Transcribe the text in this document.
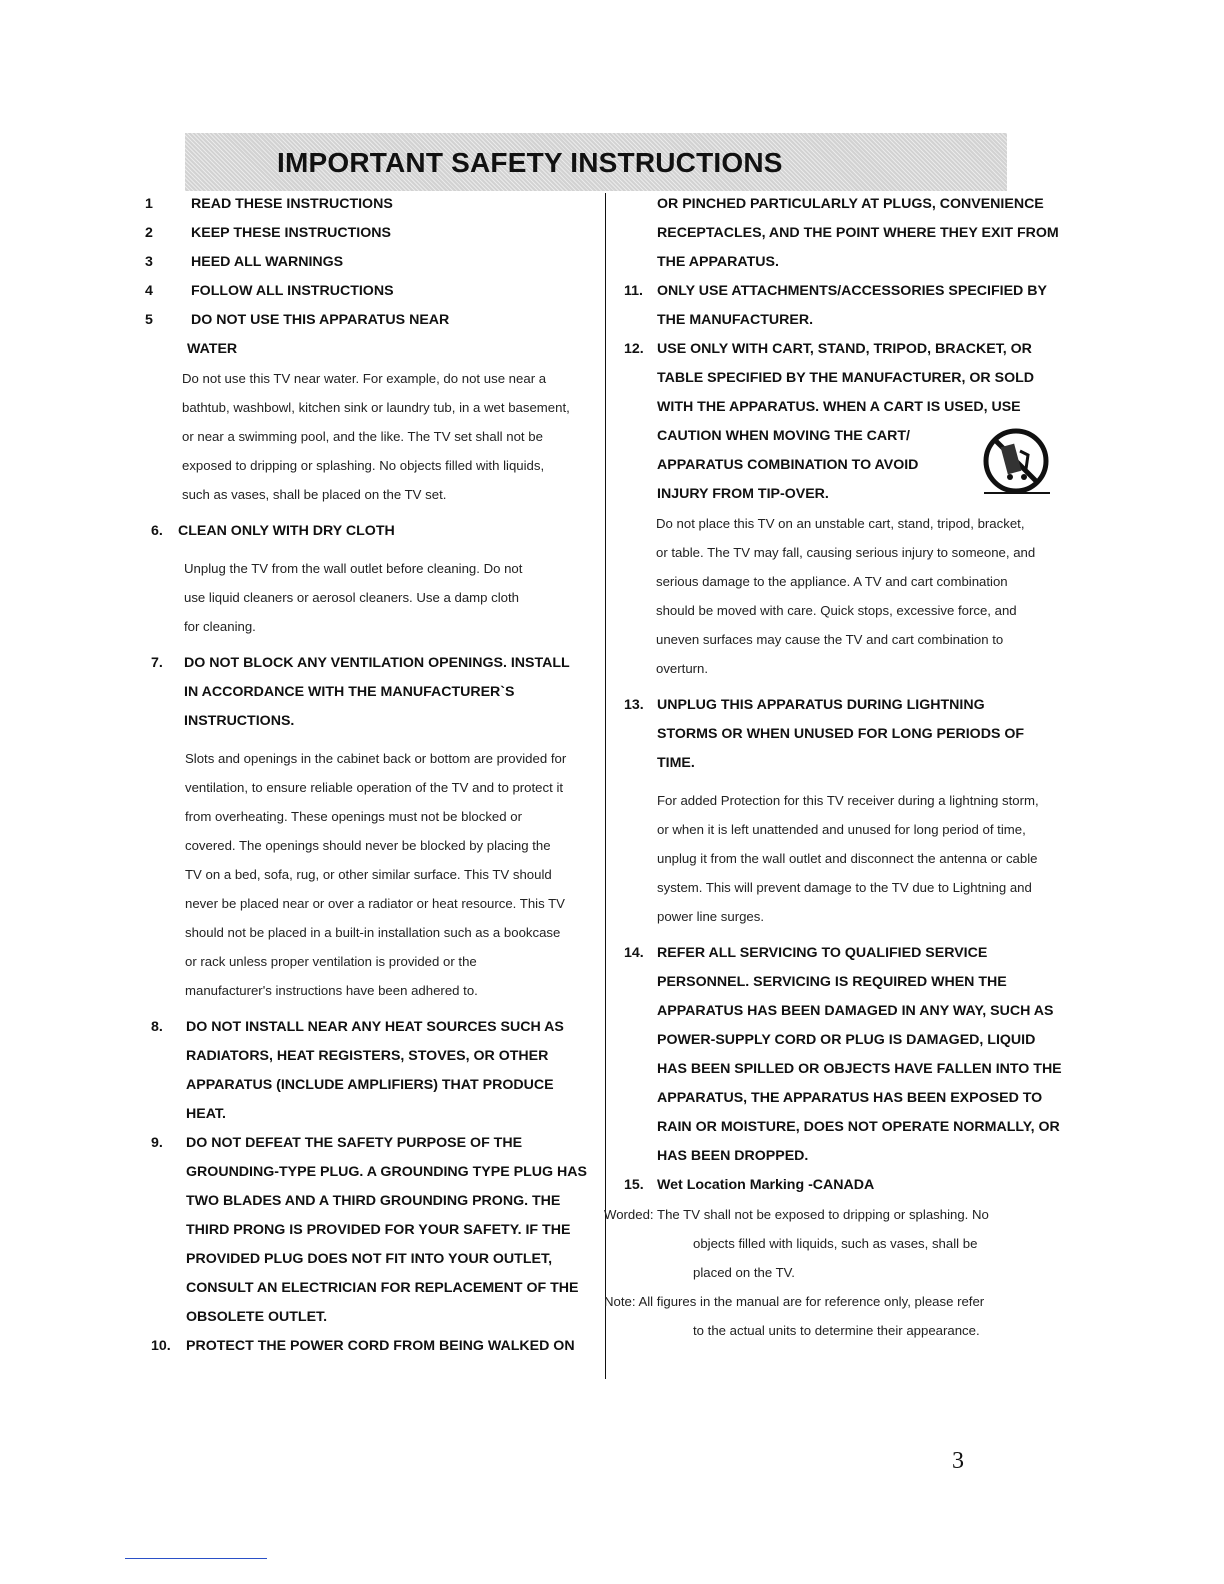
IMPORTANT SAFETY INSTRUCTIONS
1	READ THESE INSTRUCTIONS
2	KEEP THESE INSTRUCTIONS
3	HEED ALL WARNINGS
4	FOLLOW ALL INSTRUCTIONS
5	DO NOT USE THIS APPARATUS NEAR
WATER
Do not use this TV near water. For example, do not use near a
bathtub, washbowl, kitchen sink or laundry tub, in a wet basement,
or near a swimming pool, and the like. The TV set shall not be
exposed to dripping or splashing. No objects filled with liquids,
such as vases, shall be placed on the TV set.
6. CLEAN ONLY WITH DRY CLOTH
Unplug the TV from the wall outlet before cleaning. Do not
use liquid cleaners or aerosol cleaners. Use a damp cloth
for cleaning.
7. DO NOT BLOCK ANY VENTILATION OPENINGS. INSTALL
IN ACCORDANCE WITH THE MANUFACTURER`S
INSTRUCTIONS.
Slots and openings in the cabinet back or bottom are provided for
ventilation, to ensure reliable operation of the TV and to protect it
from overheating. These openings must not be blocked or
covered. The openings should never be blocked by placing the
TV on a bed, sofa, rug, or other similar surface. This TV should
never be placed near or over a radiator or heat resource. This TV
should not be placed in a built-in installation such as a bookcase
or rack unless proper ventilation is provided or the
manufacturer's instructions have been adhered to.
8. DO NOT INSTALL NEAR ANY HEAT SOURCES SUCH AS
RADIATORS, HEAT REGISTERS, STOVES, OR OTHER
APPARATUS (INCLUDE AMPLIFIERS) THAT PRODUCE
HEAT.
9. DO NOT DEFEAT THE SAFETY PURPOSE OF THE
GROUNDING-TYPE PLUG. A GROUNDING TYPE PLUG HAS
TWO BLADES AND A THIRD GROUNDING PRONG. THE
THIRD PRONG IS PROVIDED FOR YOUR SAFETY. IF THE
PROVIDED PLUG DOES NOT FIT INTO YOUR OUTLET,
CONSULT AN ELECTRICIAN FOR REPLACEMENT OF THE
OBSOLETE OUTLET.
10. PROTECT THE POWER CORD FROM BEING WALKED ON
OR PINCHED PARTICULARLY AT PLUGS, CONVENIENCE
RECEPTACLES, AND THE POINT WHERE THEY EXIT FROM
THE APPARATUS.
11. ONLY USE ATTACHMENTS/ACCESSORIES SPECIFIED BY
THE MANUFACTURER.
12. USE ONLY WITH CART, STAND, TRIPOD, BRACKET, OR
TABLE SPECIFIED BY THE MANUFACTURER, OR SOLD
WITH THE APPARATUS. WHEN A CART IS USED, USE
CAUTION WHEN MOVING THE CART/
APPARATUS COMBINATION TO AVOID
INJURY FROM TIP-OVER.
Do not place this TV on an unstable cart, stand, tripod, bracket,
or table. The TV may fall, causing serious injury to someone, and
serious damage to the appliance. A TV and cart combination
should be moved with care. Quick stops, excessive force, and
uneven surfaces may cause the TV and cart combination to
overturn.
13. UNPLUG THIS APPARATUS DURING LIGHTNING
STORMS OR WHEN UNUSED FOR LONG PERIODS OF
TIME.
For added Protection for this TV receiver during a lightning storm,
or when it is left unattended and unused for long period of time,
unplug it from the wall outlet and disconnect the antenna or cable
system. This will prevent damage to the TV due to Lightning and
power line surges.
14. REFER ALL SERVICING TO QUALIFIED SERVICE
PERSONNEL. SERVICING IS REQUIRED WHEN THE
APPARATUS HAS BEEN DAMAGED IN ANY WAY, SUCH AS
POWER-SUPPLY CORD OR PLUG IS DAMAGED, LIQUID
HAS BEEN SPILLED OR OBJECTS HAVE FALLEN INTO THE
APPARATUS, THE APPARATUS HAS BEEN EXPOSED TO
RAIN OR MOISTURE, DOES NOT OPERATE NORMALLY, OR
HAS BEEN DROPPED.
15. Wet Location Marking -CANADA
Worded: The TV shall not be exposed to dripping or splashing. No
objects filled with liquids, such as vases, shall be
placed on the TV.
Note: All figures in the manual are for reference only, please refer
to the actual units to determine their appearance.
3
